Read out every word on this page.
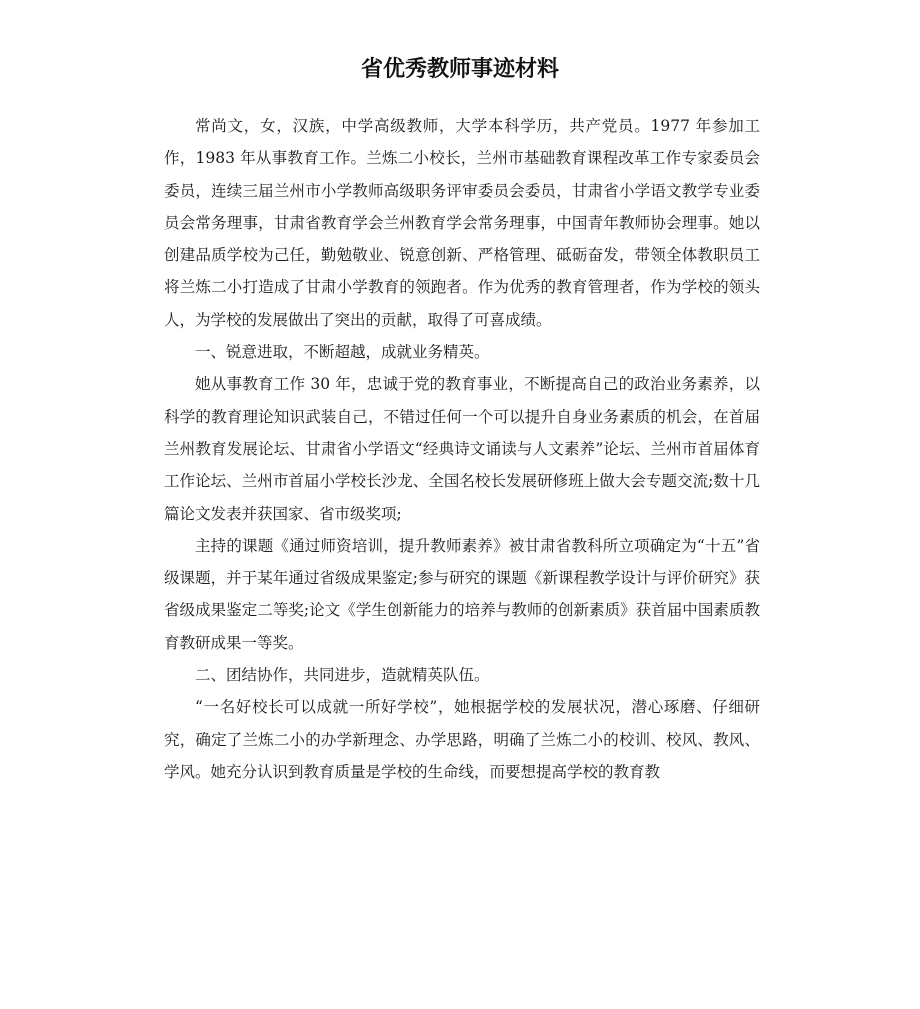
省优秀教师事迹材料

常尚文，女，汉族，中学高级教师，大学本科学历，共产党员。1977 年参加工作，1983 年从事教育工作。兰炼二小校长，兰州市基础教育课程改革工作专家委员会委员，连续三届兰州市小学教师高级职务评审委员会委员，甘肃省小学语文教学专业委员会常务理事，甘肃省教育学会兰州教育学会常务理事，中国青年教师协会理事。她以创建品质学校为己任，勤勉敬业、锐意创新、严格管理、砥砺奋发，带领全体教职员工将兰炼二小打造成了甘肃小学教育的领跑者。作为优秀的教育管理者，作为学校的领头人，为学校的发展做出了突出的贡献，取得了可喜成绩。

一、锐意进取，不断超越，成就业务精英。

她从事教育工作 30 年，忠诚于党的教育事业，不断提高自己的政治业务素养，以科学的教育理论知识武装自己，不错过任何一个可以提升自身业务素质的机会，在首届兰州教育发展论坛、甘肃省小学语文“经典诗文诵读与人文素养”论坛、兰州市首届体育工作论坛、兰州市首届小学校长沙龙、全国名校长发展研修班上做大会专题交流;数十几篇论文发表并获国家、省市级奖项;

主持的课题《通过师资培训，提升教师素养》被甘肃省教科所立项确定为“十五”省级课题，并于某年通过省级成果鉴定;参与研究的课题《新课程教学设计与评价研究》获省级成果鉴定二等奖;论文《学生创新能力的培养与教师的创新素质》获首届中国素质教育教研成果一等奖。

二、团结协作，共同进步，造就精英队伍。

“一名好校长可以成就一所好学校”，她根据学校的发展状况，潜心琢磨、仔细研究，确定了兰炼二小的办学新理念、办学思路，明确了兰炼二小的校训、校风、教风、学风。她充分认识到教育质量是学校的生命线，而要想提高学校的教育教
